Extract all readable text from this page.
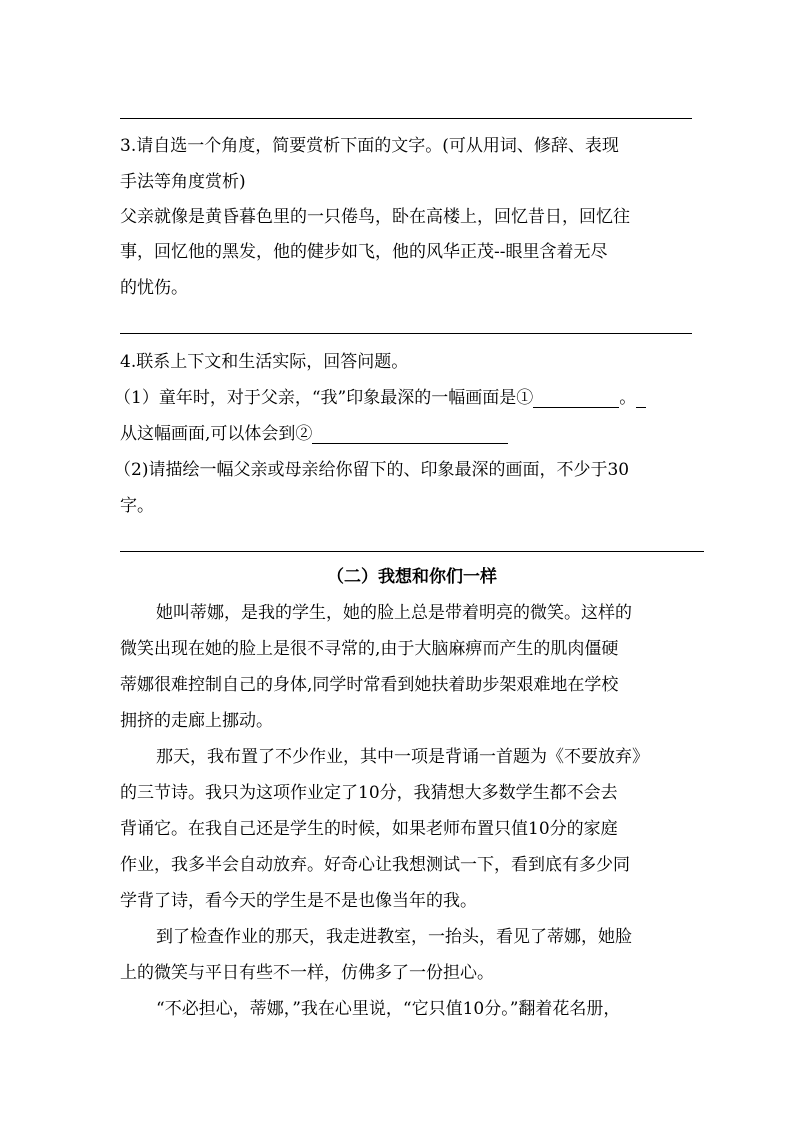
3.请自选一个角度，简要赏析下面的文字。(可从用词、修辞、表现
手法等角度赏析)
父亲就像是黄昏暮色里的一只倦鸟，卧在高楼上，回忆昔日，回忆往
事，回忆他的黑发，他的健步如飞，他的风华正茂--眼里含着无尽
的忧伤。
4.联系上下文和生活实际，回答问题。
（1）童年时，对于父亲，“我”印象最深的一幅画面是①	。
从这幅画面,可以体会到②
（2)请描绘一幅父亲或母亲给你留下的、印象最深的画面，不少于30
字。
（二）我想和你们一样
她叫蒂娜，是我的学生，她的脸上总是带着明亮的微笑。这样的
微笑出现在她的脸上是很不寻常的,由于大脑麻痹而产生的肌肉僵硬
蒂娜很难控制自己的身体,同学时常看到她扶着助步架艰难地在学校
拥挤的走廊上挪动。
那天，我布置了不少作业，其中一项是背诵一首题为《不要放弃》
的三节诗。我只为这项作业定了10分，我猜想大多数学生都不会去
背诵它。在我自己还是学生的时候，如果老师布置只值10分的家庭
作业，我多半会自动放弃。好奇心让我想测试一下，看到底有多少同
学背了诗，看今天的学生是不是也像当年的我。
到了检查作业的那天，我走进教室，一抬头，看见了蒂娜，她脸
上的微笑与平日有些不一样，仿佛多了一份担心。
“不必担心，蒂娜，”我在心里说，“它只值10分。”翻着花名册，
